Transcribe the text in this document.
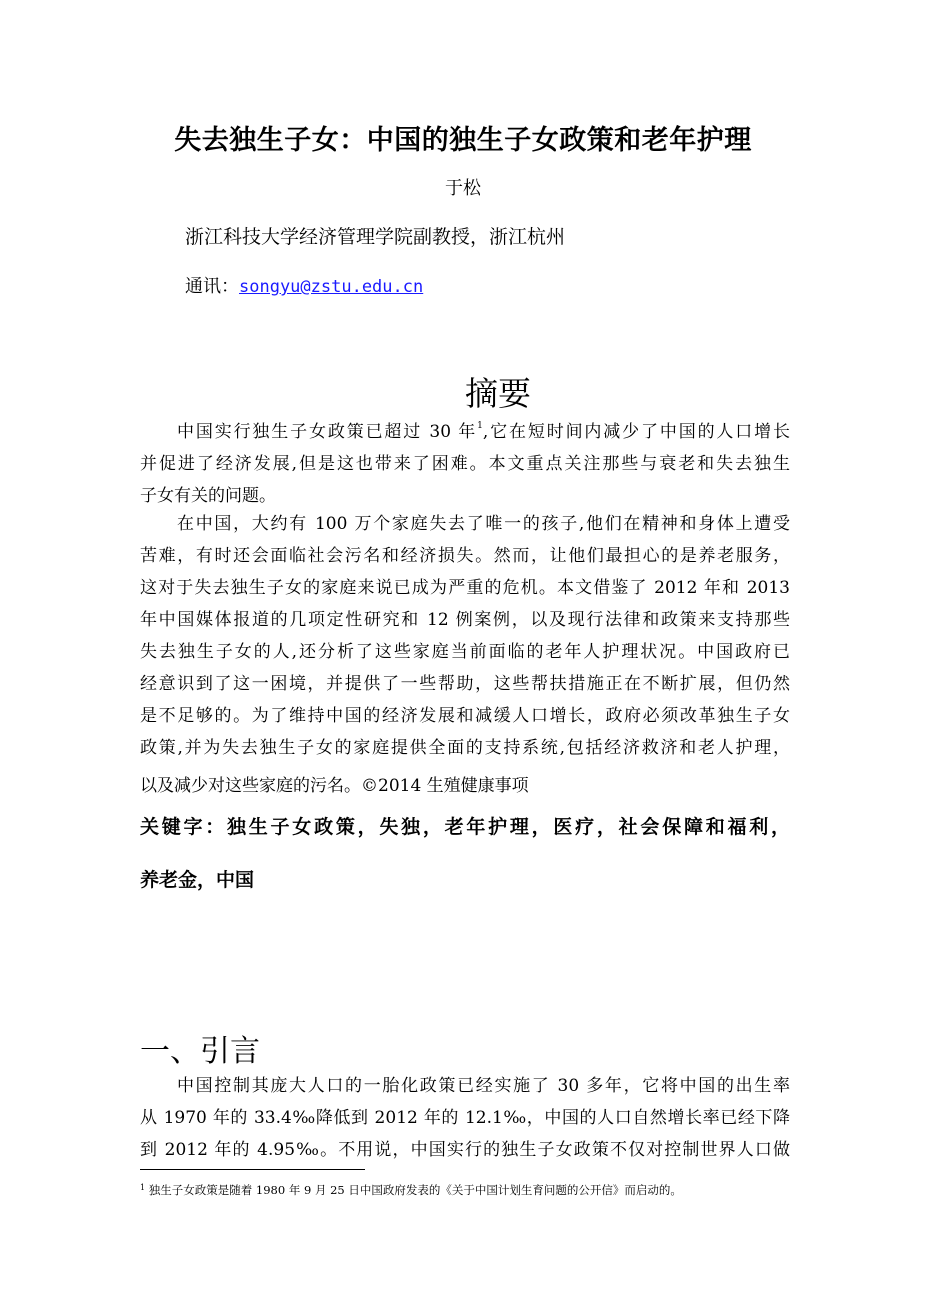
失去独生子女：中国的独生子女政策和老年护理
于松
浙江科技大学经济管理学院副教授，浙江杭州
通讯：songyu@zstu.edu.cn
摘要
中国实行独生子女政策已超过 30 年$^1$,它在短时间内减少了中国的人口增长
并促进了经济发展,但是这也带来了困难。本文重点关注那些与衰老和失去独生
子女有关的问题。
在中国，大约有 100 万个家庭失去了唯一的孩子,他们在精神和身体上遭受
苦难，有时还会面临社会污名和经济损失。然而，让他们最担心的是养老服务，
这对于失去独生子女的家庭来说已成为严重的危机。本文借鉴了 2012 年和 2013
年中国媒体报道的几项定性研究和 12 例案例，以及现行法律和政策来支持那些
失去独生子女的人,还分析了这些家庭当前面临的老年人护理状况。中国政府已
经意识到了这一困境，并提供了一些帮助，这些帮扶措施正在不断扩展，但仍然
是不足够的。为了维持中国的经济发展和减缓人口增长，政府必须改革独生子女
政策,并为失去独生子女的家庭提供全面的支持系统,包括经济救济和老人护理，
以及减少对这些家庭的污名。©2014 生殖健康事项
关键字：独生子女政策，失独，老年护理，医疗，社会保障和福利，
养老金，中国
一、引言
中国控制其庞大人口的一胎化政策已经实施了 30 多年，它将中国的出生率
从 1970 年的 33.4‰降低到 2012 年的 12.1‰，中国的人口自然增长率已经下降
到 2012 年的 4.95‰。不用说，中国实行的独生子女政策不仅对控制世界人口做
$^1$ 独生子女政策是随着 1980 年 9 月 25 日中国政府发表的《关于中国计划生育问题的公开信》而启动的。
